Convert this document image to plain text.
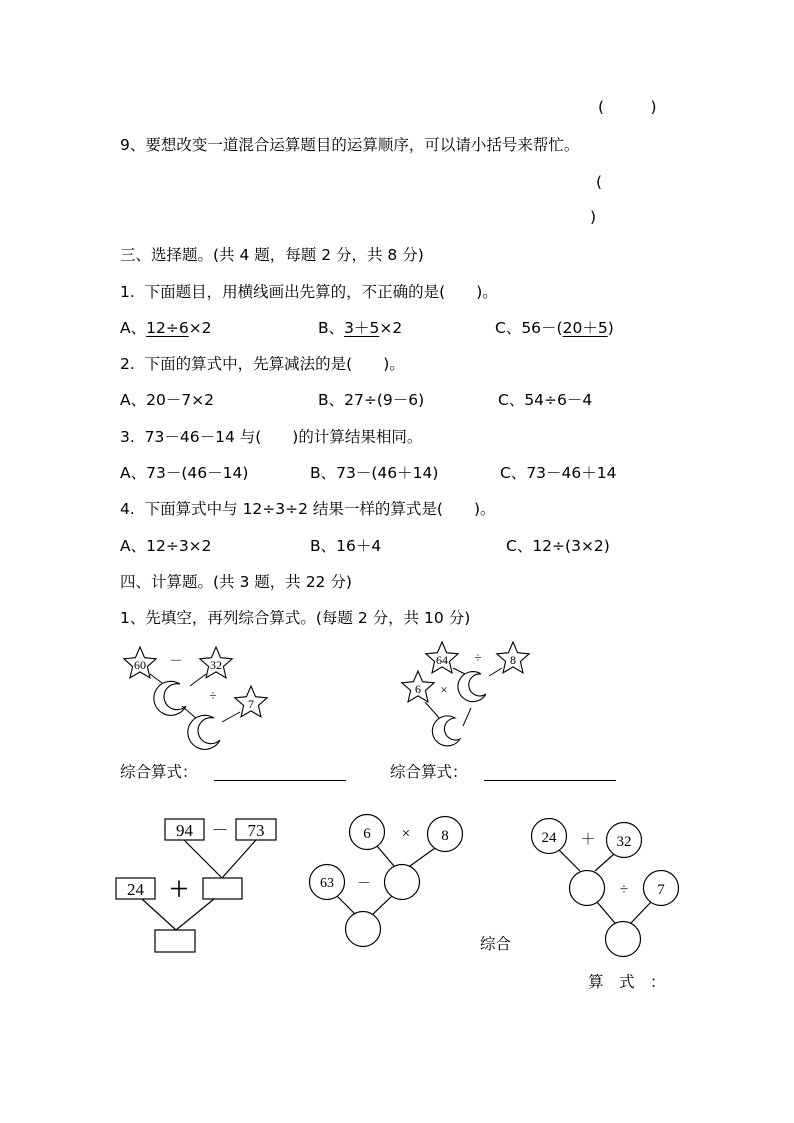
(　　　)
9、要想改变一道混合运算题目的运算顺序，可以请小括号来帮忙。
(
)
三、选择题。(共 4 题，每题 2 分，共 8 分)
1.  下面题目，用横线画出先算的，不正确的是(　　)。
A、12÷6×2	B、3＋5×2	C、56－(20＋5)
2.  下面的算式中，先算减法的是(　　)。
A、20－7×2	B、27÷(9－6)	C、54÷6－4
3.  73－46－14 与(　　)的计算结果相同。
A、73－(46－14)	B、73－(46＋14)	C、73－46＋14
4.  下面算式中与 12÷3÷2 结果一样的算式是(　　)。
A、12÷3×2	B、16＋4	C、12÷(3×2)
四、计算题。(共 3 题，共 22 分)
1、先填空，再列综合算式。(每题 2 分，共 10 分)
60 － 32
÷
7
64 ÷ 8
6 ×
综合算式：	综合算式：
94 － 73
24 ＋
6 × 8
63 －
24 ＋ 32
÷ 7
综合
算　式　：
